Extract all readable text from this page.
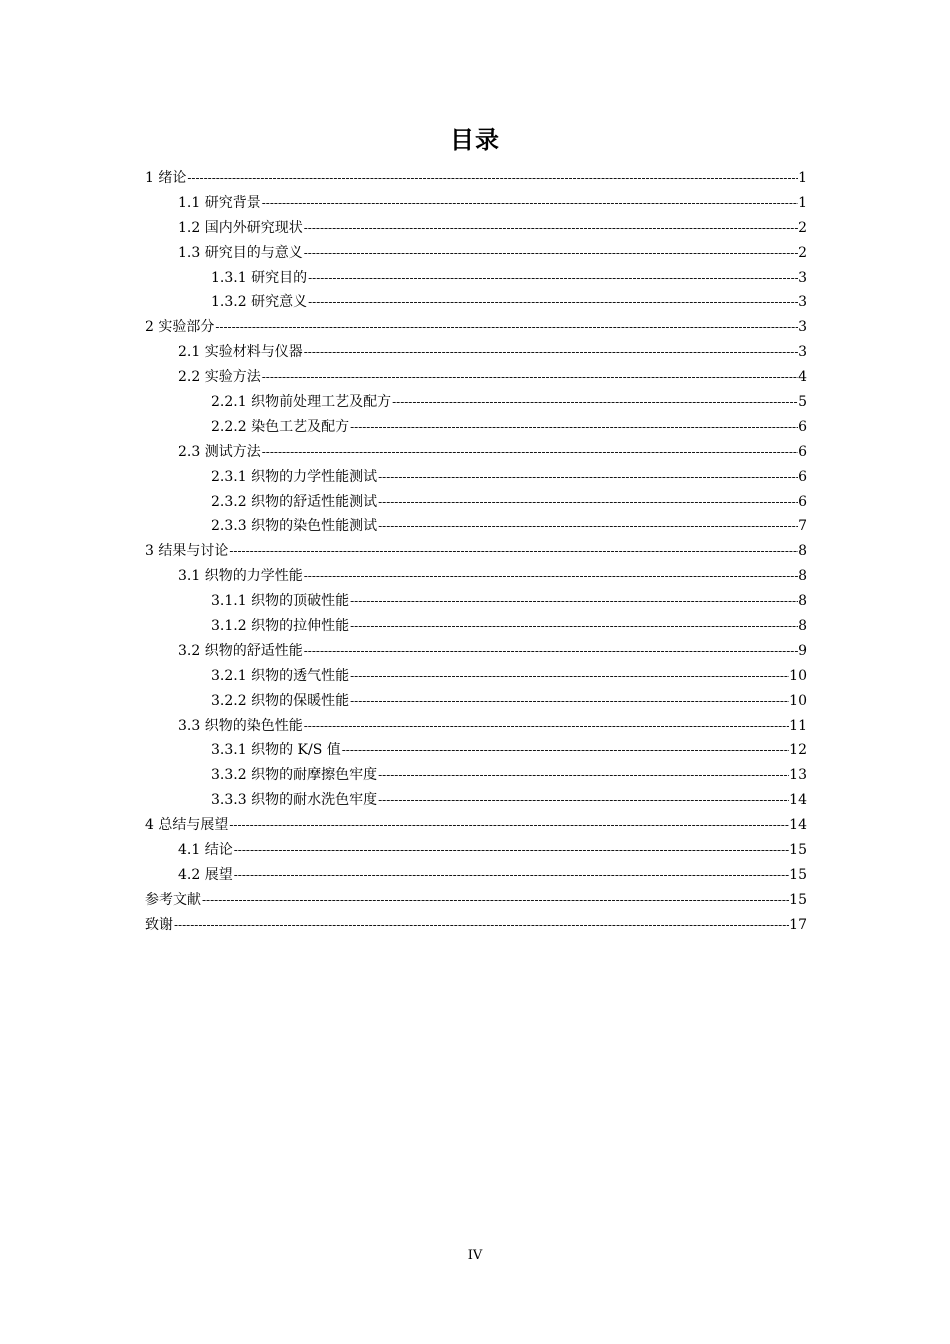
目录
1 绪论 -----	1
1.1 研究背景 -----	1
1.2 国内外研究现状 -----	2
1.3 研究目的与意义 -----	2
1.3.1 研究目的 -----	3
1.3.2 研究意义 -----	3
2 实验部分 -----	3
2.1 实验材料与仪器 -----	3
2.2 实验方法 -----	4
2.2.1 织物前处理工艺及配方 -----	5
2.2.2 染色工艺及配方 -----	6
2.3 测试方法 -----	6
2.3.1 织物的力学性能测试 -----	6
2.3.2 织物的舒适性能测试 -----	6
2.3.3 织物的染色性能测试 -----	7
3 结果与讨论 -----	8
3.1 织物的力学性能 -----	8
3.1.1 织物的顶破性能 -----	8
3.1.2 织物的拉伸性能 -----	8
3.2 织物的舒适性能 -----	9
3.2.1 织物的透气性能 -----	10
3.2.2 织物的保暖性能 -----	10
3.3 织物的染色性能 -----	11
3.3.1 织物的 K/S 值 -----	12
3.3.2 织物的耐摩擦色牢度 -----	13
3.3.3 织物的耐水洗色牢度 -----	14
4 总结与展望 -----	14
4.1 结论 -----	15
4.2 展望 -----	15
参考文献 -----	15
致谢 -----	17
IV
